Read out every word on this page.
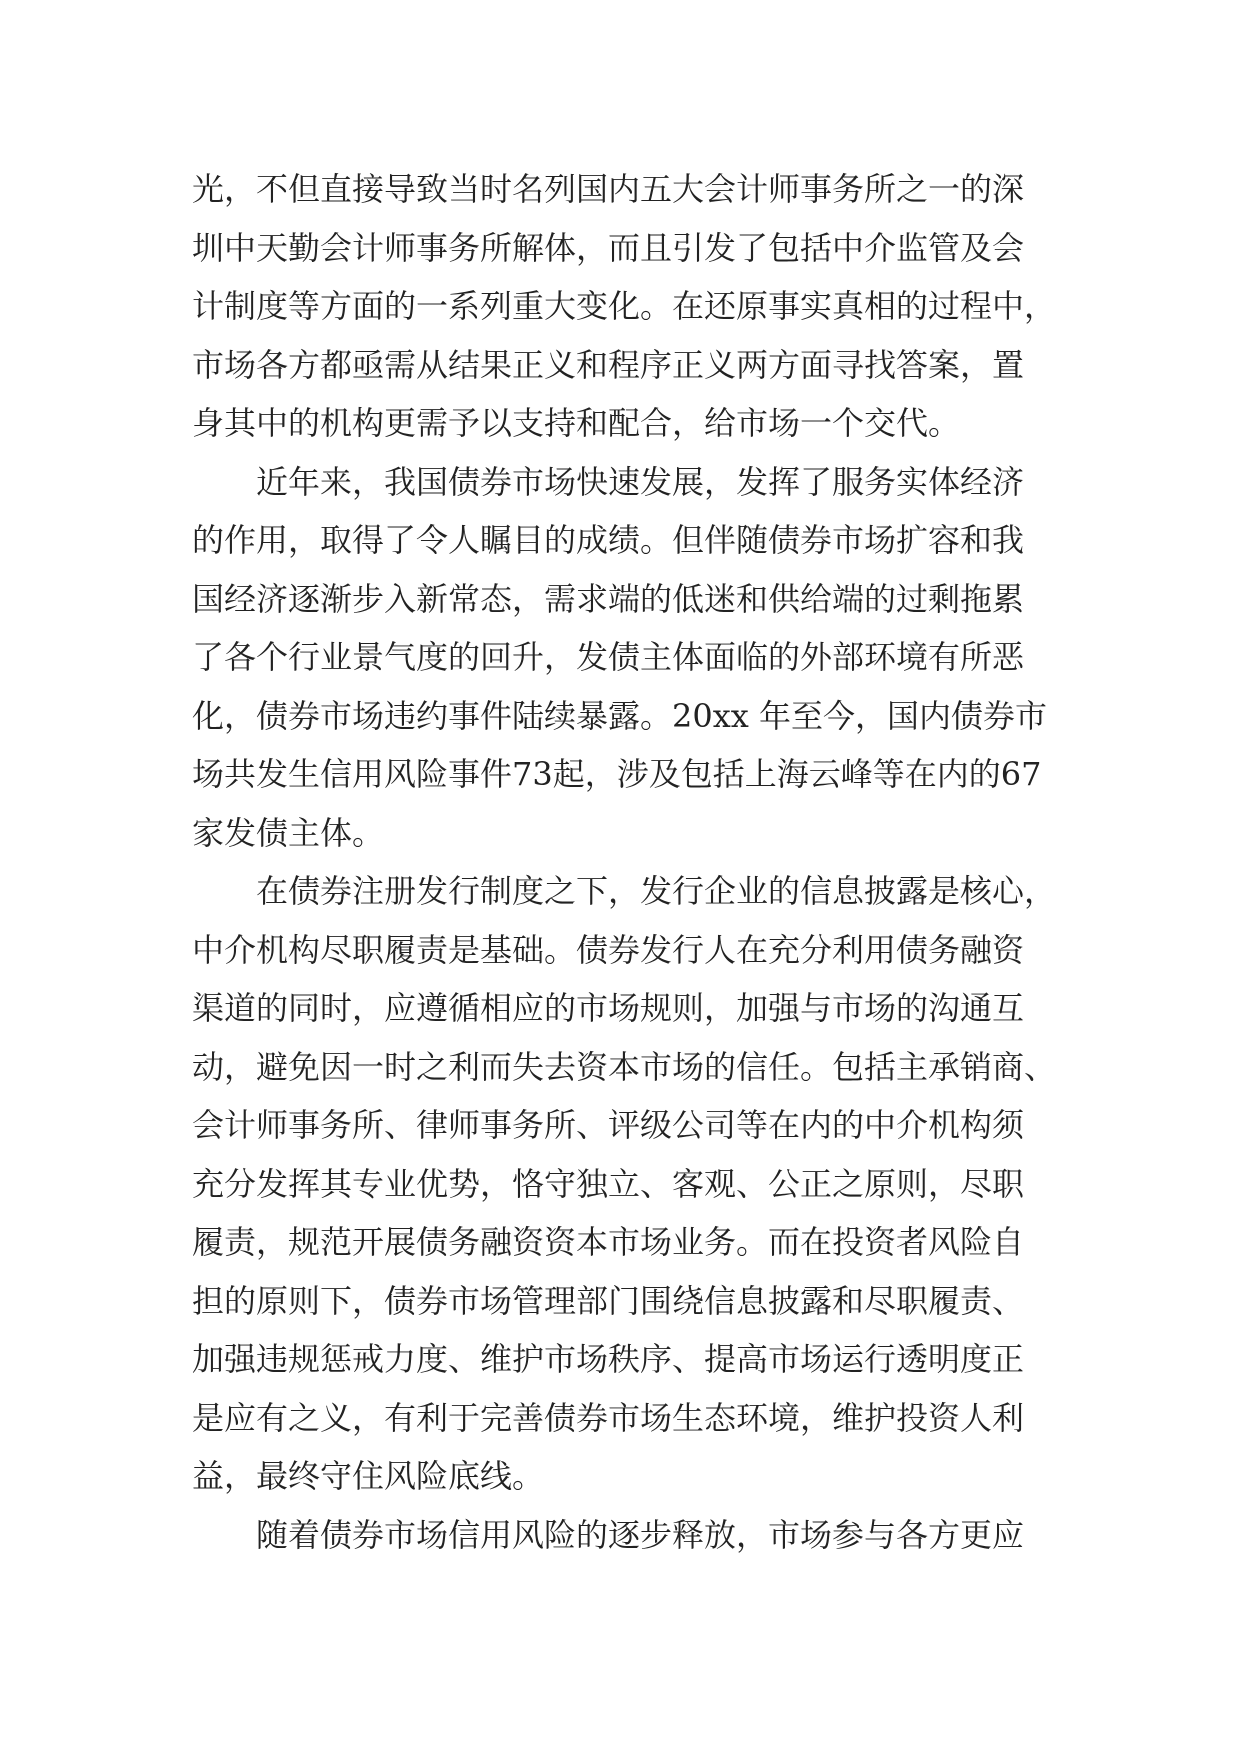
光，不但直接导致当时名列国内五大会计师事务所之一的深
圳中天勤会计师事务所解体，而且引发了包括中介监管及会
计制度等方面的一系列重大变化。在还原事实真相的过程中，
市场各方都亟需从结果正义和程序正义两方面寻找答案，置
身其中的机构更需予以支持和配合，给市场一个交代。
近年来，我国债券市场快速发展，发挥了服务实体经济
的作用，取得了令人瞩目的成绩。但伴随债券市场扩容和我
国经济逐渐步入新常态，需求端的低迷和供给端的过剩拖累
了各个行业景气度的回升，发债主体面临的外部环境有所恶
化，债券市场违约事件陆续暴露。20xx 年至今，国内债券市
场共发生信用风险事件73起，涉及包括上海云峰等在内的67
家发债主体。
在债券注册发行制度之下，发行企业的信息披露是核心，
中介机构尽职履责是基础。债券发行人在充分利用债务融资
渠道的同时，应遵循相应的市场规则，加强与市场的沟通互
动，避免因一时之利而失去资本市场的信任。包括主承销商、
会计师事务所、律师事务所、评级公司等在内的中介机构须
充分发挥其专业优势，恪守独立、客观、公正之原则，尽职
履责，规范开展债务融资资本市场业务。而在投资者风险自
担的原则下，债券市场管理部门围绕信息披露和尽职履责、
加强违规惩戒力度、维护市场秩序、提高市场运行透明度正
是应有之义，有利于完善债券市场生态环境，维护投资人利
益，最终守住风险底线。
随着债券市场信用风险的逐步释放，市场参与各方更应
